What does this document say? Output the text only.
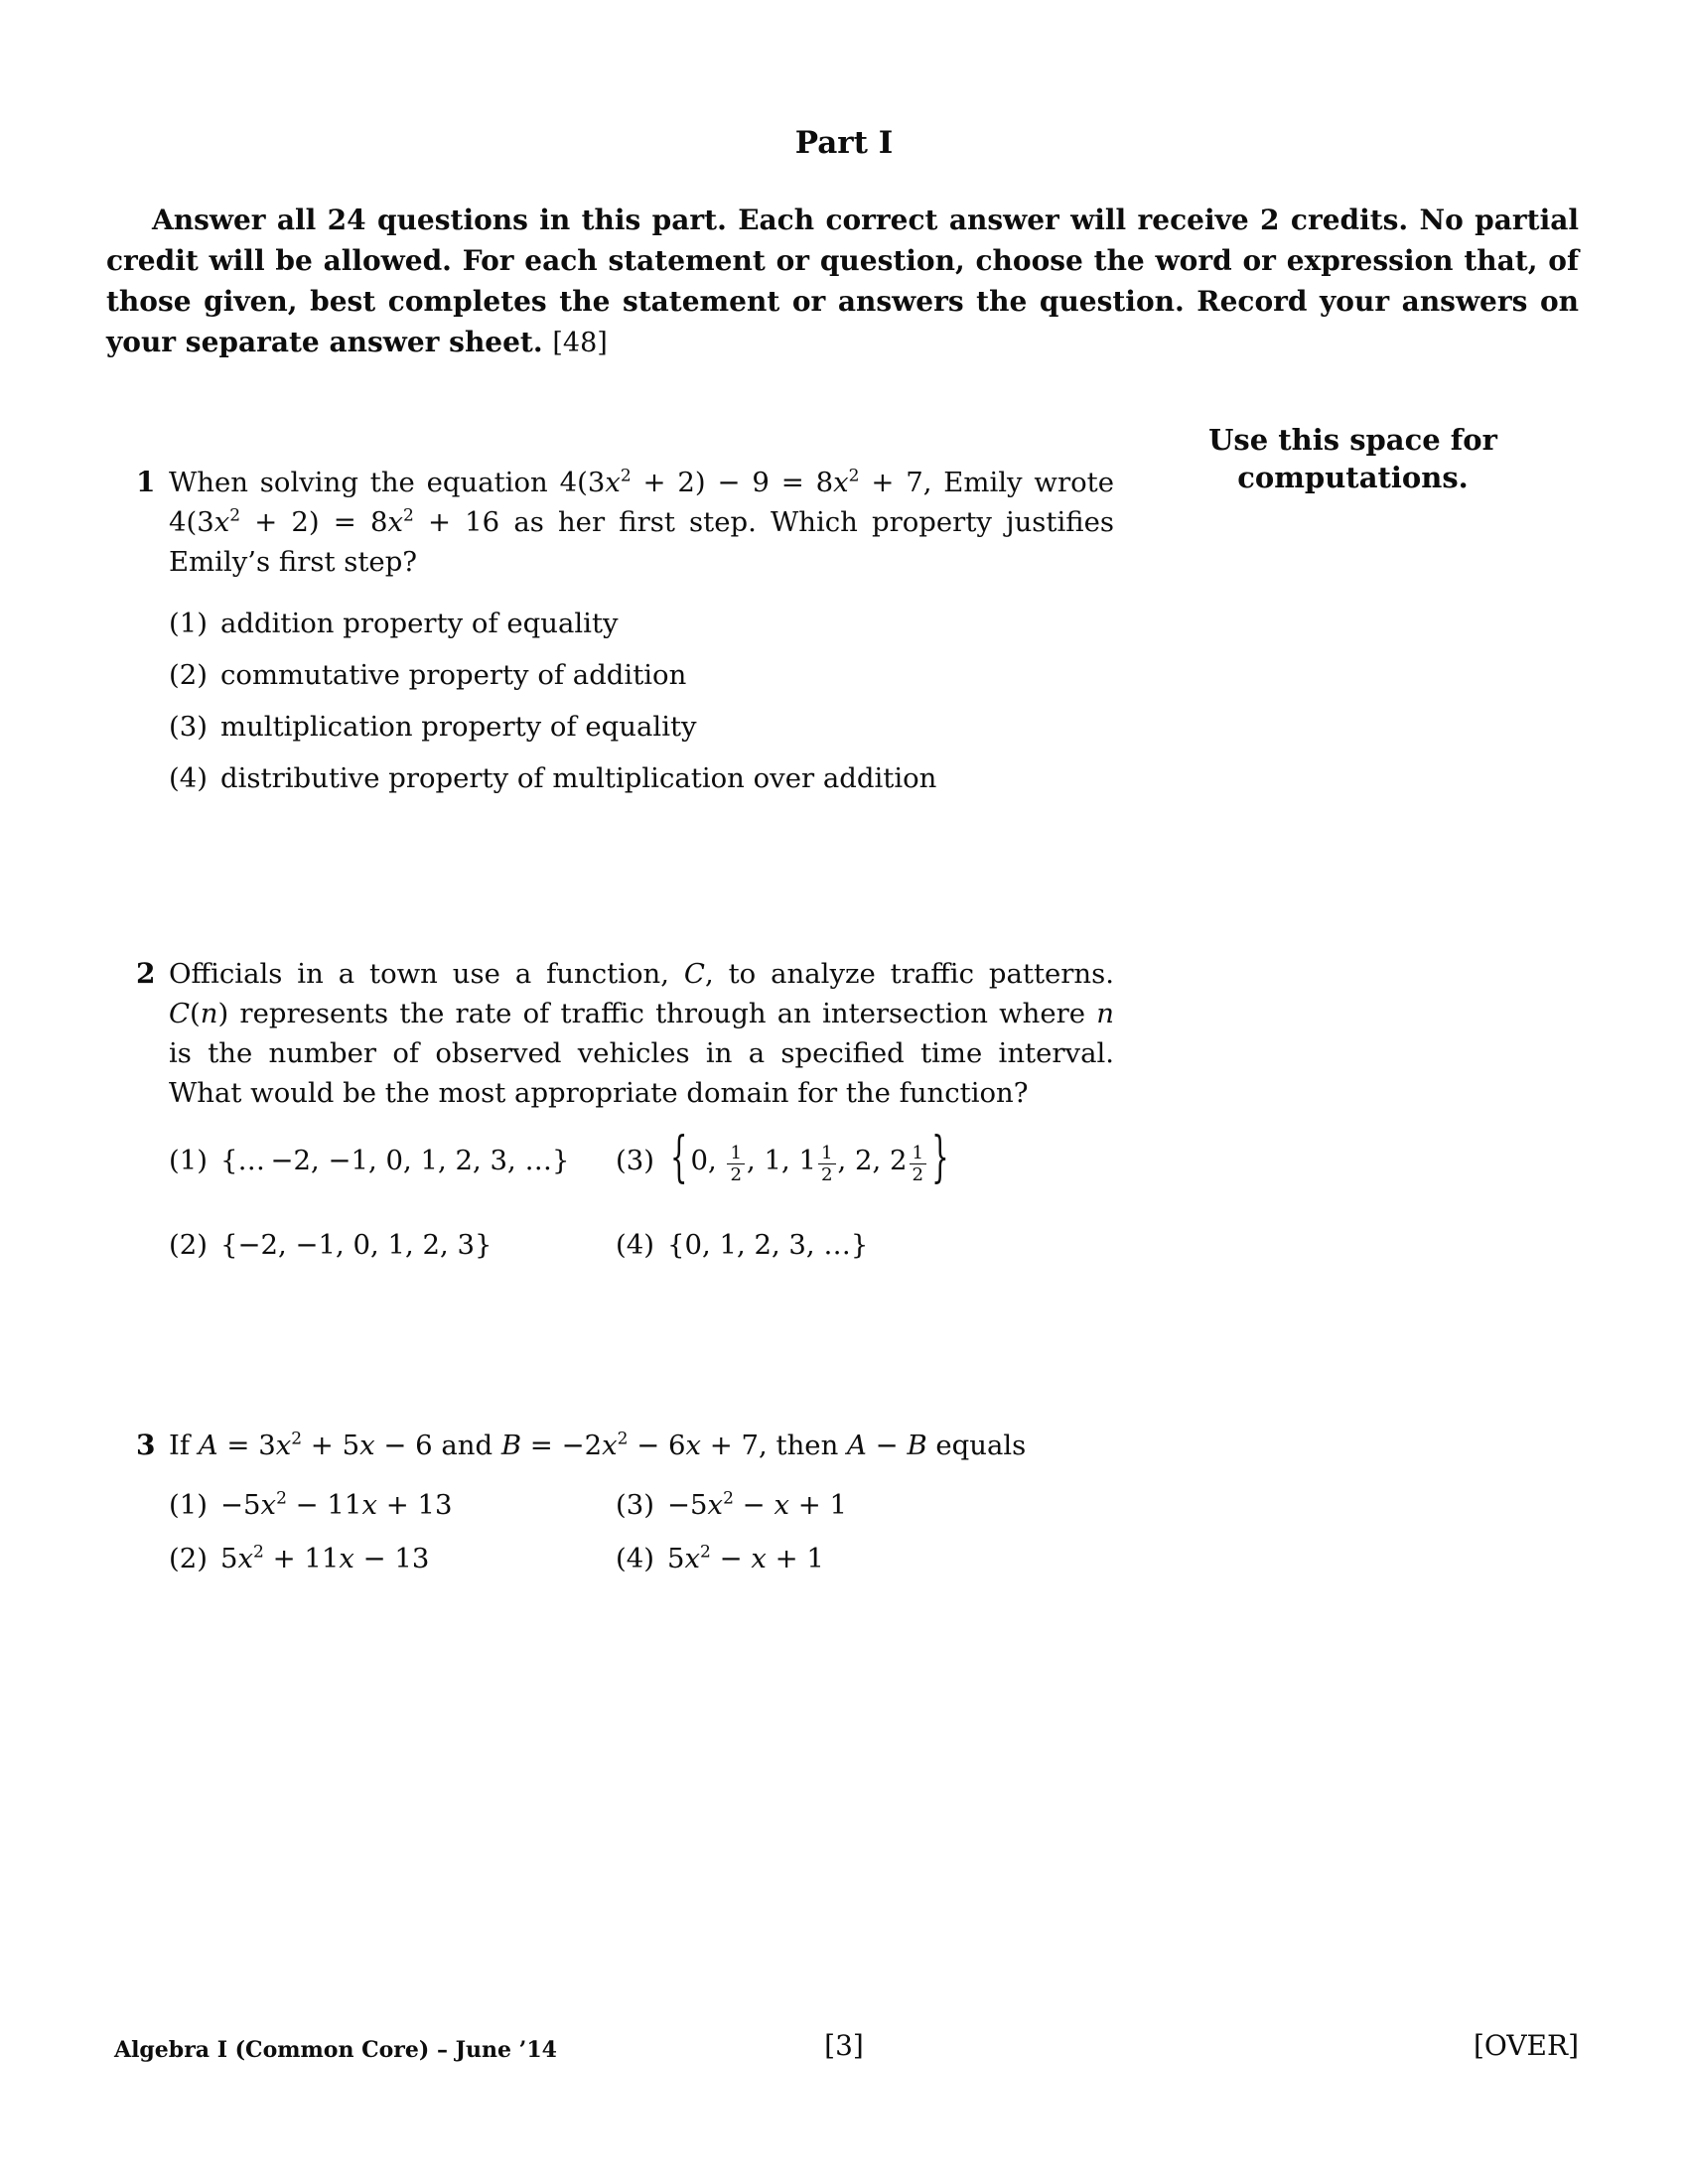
Part I
Answer all 24 questions in this part. Each correct answer will receive 2 credits. No partial credit will be allowed. For each statement or question, choose the word or expression that, of those given, best completes the statement or answers the question. Record your answers on your separate answer sheet. [48]
Use this space for
computations.
1 When solving the equation $4(3x^2 + 2) - 9 = 8x^2 + 7$, Emily wrote $4(3x^2 + 2) = 8x^2 + 16$ as her first step. Which property justifies Emily’s first step?
(1) addition property of equality
(2) commutative property of addition
(3) multiplication property of equality
(4) distributive property of multiplication over addition
2 Officials in a town use a function, C, to analyze traffic patterns. C(n) represents the rate of traffic through an intersection where n is the number of observed vehicles in a specified time interval. What would be the most appropriate domain for the function?
(1) {… −2, −1, 0, 1, 2, 3, …}
(2) {−2, −1, 0, 1, 2, 3}
(3) { 0, $\frac{1}{2}$ , 1, $1 \frac{1}{2}$ , 2, $2 \frac{1}{2}$ }
(4) {0, 1, 2, 3, …}
3 If $A = 3x^2 + 5x - 6$ and $B = -2x^2 - 6x + 7$, then A − B equals
$(1) -5x^2 - 11x + 13$
(2) $5x^2 + 11x - 13$
$(3) -5x^2 - x + 1$
(4) $5x^2 - x + 1$
Algebra I (Common Core) – June ’14	[3]	[OVER]
